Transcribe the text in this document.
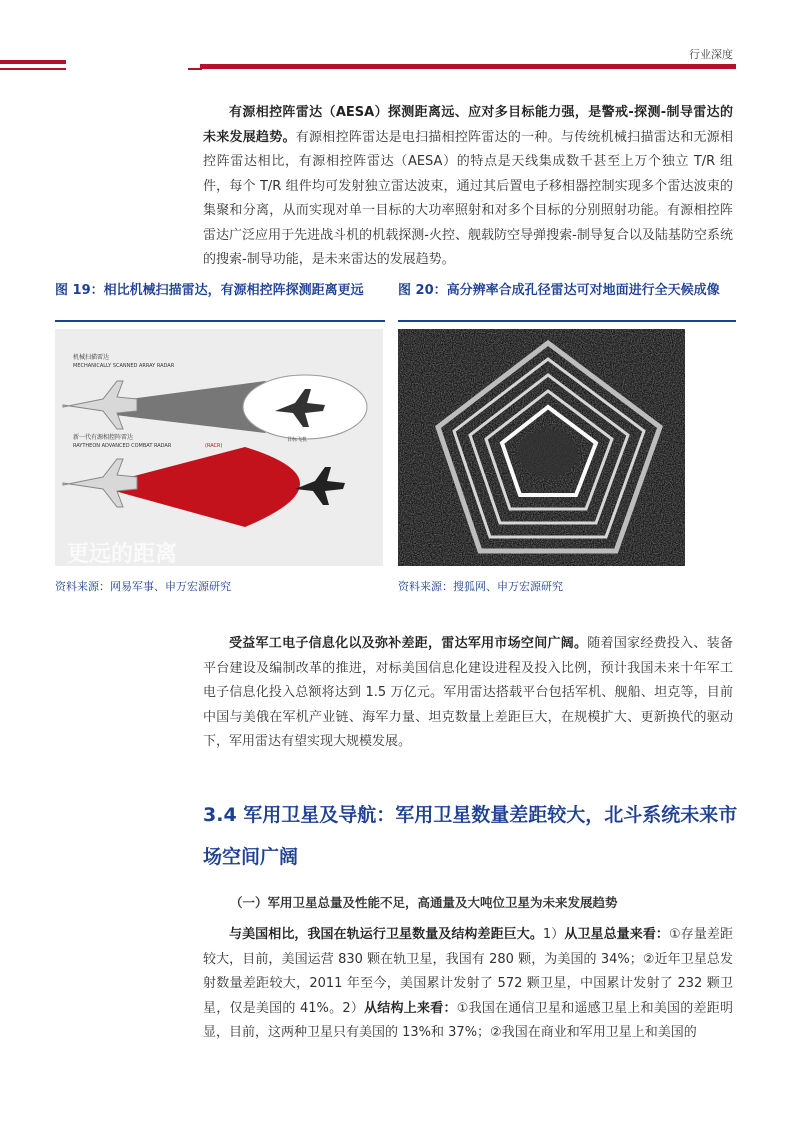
行业深度

有源相控阵雷达（AESA）探测距离远、应对多目标能力强，是警戒-探测-制导雷达的未来发展趋势。有源相控阵雷达是电扫描相控阵雷达的一种。与传统机械扫描雷达和无源相控阵雷达相比，有源相控阵雷达（AESA）的特点是天线集成数千甚至上万个独立 T/R 组件，每个 T/R 组件均可发射独立雷达波束，通过其后置电子移相器控制实现多个雷达波束的集聚和分离，从而实现对单一目标的大功率照射和对多个目标的分别照射功能。有源相控阵雷达广泛应用于先进战斗机的机载探测-火控、舰载防空导弹搜索-制导复合以及陆基防空系统的搜索-制导功能，是未来雷达的发展趋势。

图 19：相比机械扫描雷达，有源相控阵探测距离更远

机械扫描雷达
MECHANICALLY SCANNED ARRAY RADAR
新一代有源相控阵雷达
RAYTHEON ADVANCED COMBAT RADAR	(RACR)
目标飞机
更远的距离
资料来源：网易军事、申万宏源研究

图 20：高分辨率合成孔径雷达可对地面进行全天候成像

资料来源：搜狐网、申万宏源研究

受益军工电子信息化以及弥补差距，雷达军用市场空间广阔。随着国家经费投入、装备平台建设及编制改革的推进，对标美国信息化建设进程及投入比例，预计我国未来十年军工电子信息化投入总额将达到 1.5 万亿元。军用雷达搭载平台包括军机、舰船、坦克等，目前中国与美俄在军机产业链、海军力量、坦克数量上差距巨大，在规模扩大、更新换代的驱动下，军用雷达有望实现大规模发展。

3.4 军用卫星及导航：军用卫星数量差距较大，北斗系统未来市场空间广阔
（一）军用卫星总量及性能不足，高通量及大吨位卫星为未来发展趋势

与美国相比，我国在轨运行卫星数量及结构差距巨大。1）从卫星总量来看：①存量差距较大，目前，美国运营 830 颗在轨卫星，我国有 280 颗，为美国的 34%；②近年卫星总发射数量差距较大，2011 年至今，美国累计发射了 572 颗卫星，中国累计发射了 232 颗卫星，仅是美国的 41%。2）从结构上来看：①我国在通信卫星和遥感卫星上和美国的差距明显，目前，这两种卫星只有美国的 13%和 37%；②我国在商业和军用卫星上和美国的
